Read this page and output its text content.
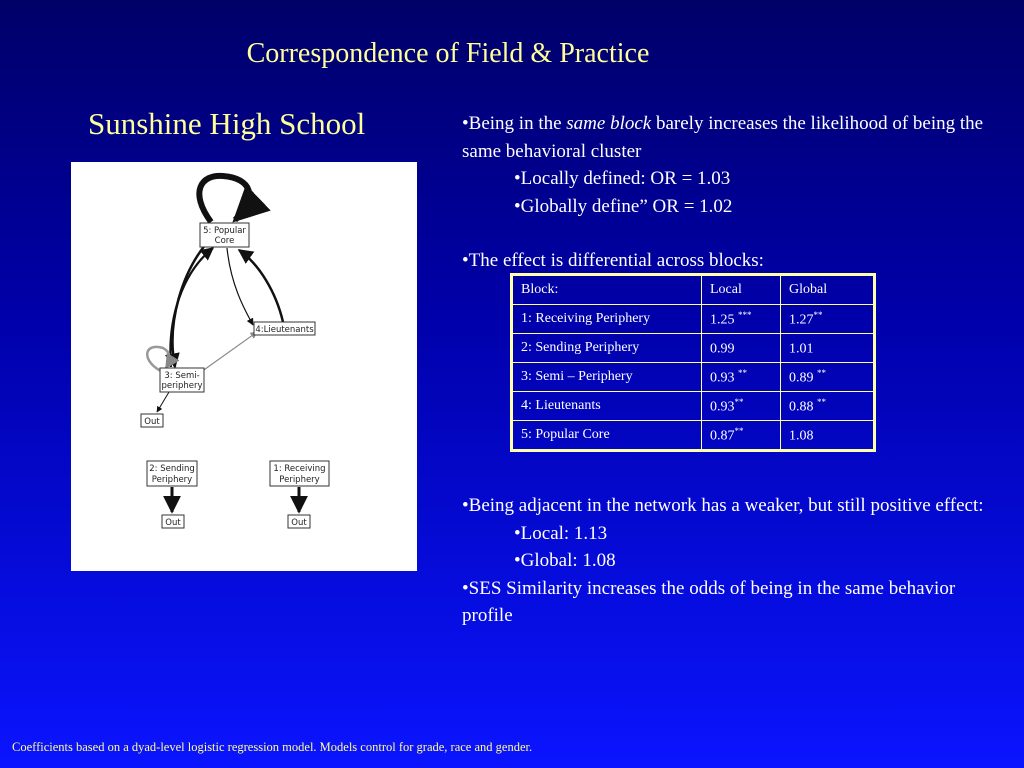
Correspondence of Field & Practice
Sunshine High School
5: Popular
Core
4:Lieutenants
3: Semi-
periphery
Out
2: Sending
Periphery
1: Receiving
Periphery
Out	Out

•Being in the same block barely increases the likelihood of being the same behavioral cluster

•Locally defined: OR = 1.03

•Globally define” OR = 1.02

•The effect is differential across blocks:

Block:	Local	Global
1: Receiving Periphery	1.25 ***	1.27**
2: Sending Periphery	0.99	1.01
3: Semi – Periphery	0.93 **	0.89 **
4: Lieutenants	0.93**	0.88 **
5: Popular Core	0.87**	1.08

•Being adjacent in the network has a weaker, but still positive effect:

•Local: 1.13

•Global: 1.08

•SES Similarity increases the odds of being in the same behavior profile

Coefficients based on a dyad-level logistic regression model. Models control for grade, race and gender.
